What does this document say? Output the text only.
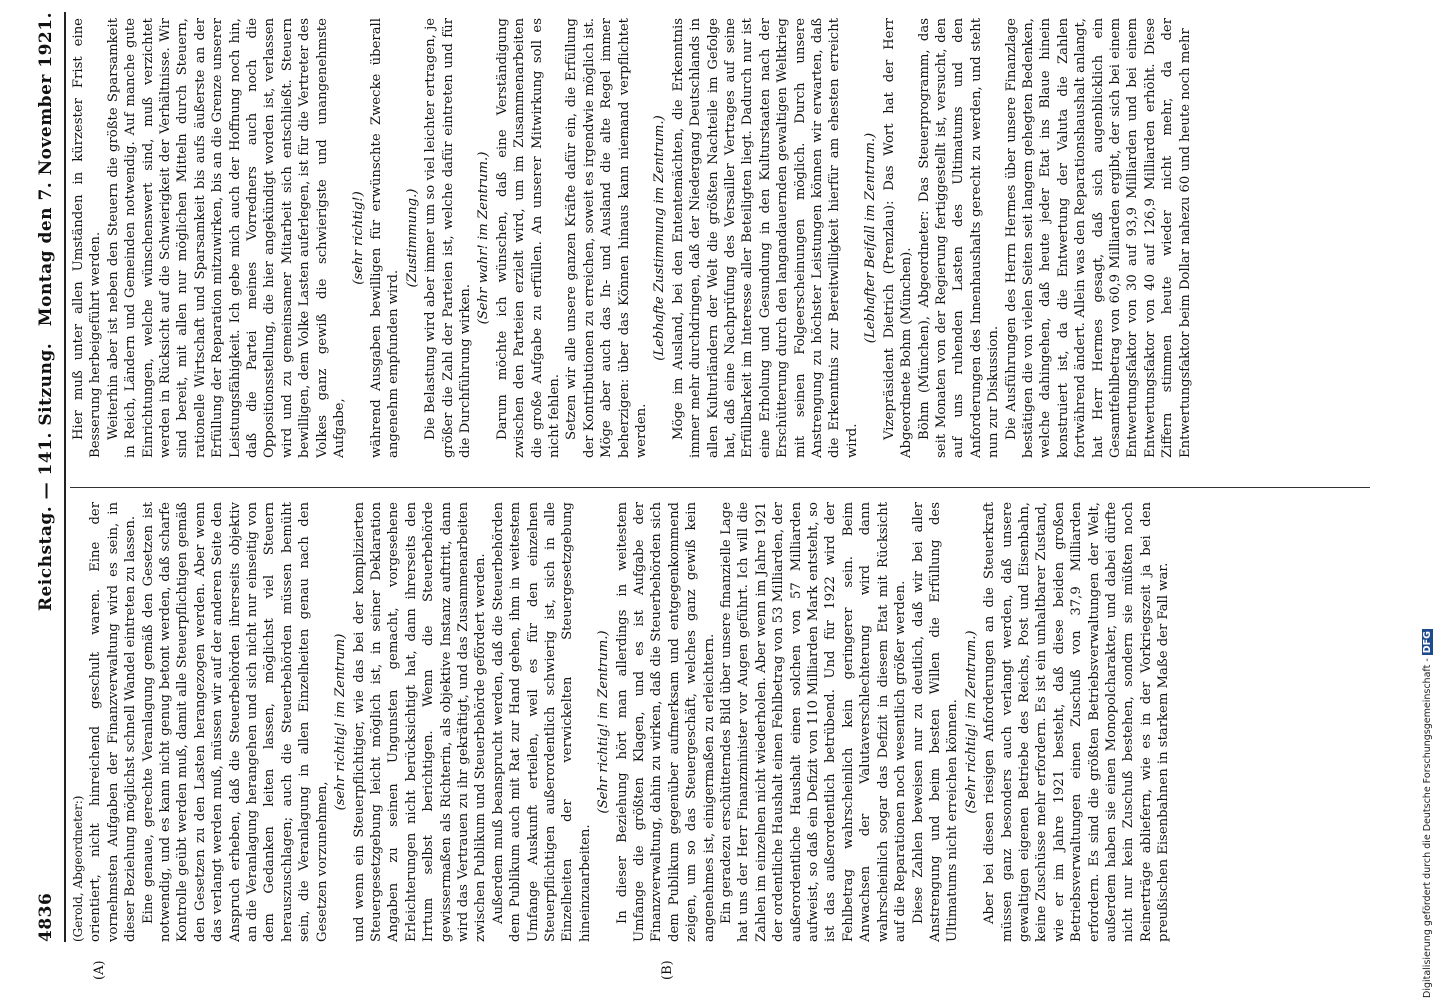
4836
Reichstag. — 141. Sitzung.
Montag den 7. November 1921.

(Gerold, Abgeordneter:) orientiert, nicht hinreichend geschult waren. Eine der vornehmsten Aufgaben der Finanzverwaltung wird es sein, in dieser Beziehung möglichst schnell Wandel eintreten zu lassen. Eine genaue, gerechte Veranlagung gemäß den Gesetzen ist notwendig, und es kann nicht genug betont werden, daß scharfe Kontrolle geübt werden muß, damit alle Steuerpflichtigen gemäß den Gesetzen zu den Lasten herangezogen werden. Aber wenn das verlangt werden muß, müssen wir auf der anderen Seite den Anspruch erheben, daß die Steuerbehörden ihrerseits objektiv an die Veranlagung herangehen und sich nicht nur einseitig von dem Gedanken leiten lassen, möglichst viel Steuern herauszuschlagen; auch die Steuerbehörden müssen bemüht sein, die Veranlagung in allen Einzelheiten genau nach den Gesetzen vorzunehmen,

(sehr richtig! im Zentrum) und wenn ein Steuerpflichtiger, wie das bei der komplizierten Steuergesetzgebung leicht möglich ist, in seiner Deklaration Angaben zu seinen Ungunsten gemacht, vorgesehene Erleichterungen nicht berücksichtigt hat, dann ihrerseits den Irrtum selbst berichtigen. Wenn die Steuerbehörde gewissermaßen als Richterin, als objektive Instanz auftritt, dann wird das Vertrauen zu ihr gekräftigt, und das Zusammenarbeiten zwischen Publikum und Steuerbehörde gefördert werden. Außerdem muß beansprucht werden, daß die Steuerbehörden dem Publikum auch mit Rat zur Hand gehen, ihm in weitestem Umfange Auskunft erteilen, weil es für den einzelnen Steuerpflichtigen außerordentlich schwierig ist, sich in alle Einzelheiten der verwickelten Steuergesetzgebung hineinzuarbeiten.

(Sehr richtig! im Zentrum.) In dieser Beziehung hört man allerdings in weitestem Umfange die größten Klagen, und es ist Aufgabe der Finanzverwaltung, dahin zu wirken, daß die Steuerbehörden sich dem Publikum gegenüber aufmerksam und entgegenkommend zeigen, um so das Steuergeschäft, welches ganz gewiß kein angenehmes ist, einigermaßen zu erleichtern. Ein geradezu erschütterndes Bild über unsere finanzielle Lage hat uns der Herr Finanzminister vor Augen geführt. Ich will die Zahlen im einzelnen nicht wiederholen. Aber wenn im Jahre 1921 der ordentliche Haushalt einen Fehlbetrag von 53 Milliarden, der außerordentliche Haushalt einen solchen von 57 Milliarden aufweist, so daß ein Defizit von 110 Milliarden Mark entsteht, so ist das außerordentlich betrübend. Und für 1922 wird der Fehlbetrag wahrscheinlich kein geringerer sein. Beim Anwachsen der Valutaverschlechterung wird dann wahrscheinlich sogar das Defizit in diesem Etat mit Rücksicht auf die Reparationen noch wesentlich größer werden. Diese Zahlen beweisen nur zu deutlich, daß wir bei aller Anstrengung und beim besten Willen die Erfüllung des Ultimatums nicht erreichen können. (Sehr richtig! im Zentrum.) Aber bei diesen riesigen Anforderungen an die Steuerkraft müssen ganz besonders auch verlangt werden, daß unsere gewaltigen eigenen Betriebe des Reichs, Post und Eisenbahn, keine Zuschüsse mehr erfordern. Es ist ein unhaltbarer Zustand, wie er im Jahre 1921 besteht, daß diese beiden großen Betriebsverwaltungen einen Zuschuß von 37,9 Milliarden erfordern. Es sind die größten Betriebsverwaltungen der Welt, außerdem haben sie einen Monopolcharakter, und dabei dürfte nicht nur kein Zuschuß bestehen, sondern sie müßten noch Reinerträge abliefern, wie es in der Vorkriegszeit ja bei den preußischen Eisenbahnen in starkem Maße der Fall war.

Hier muß unter allen Umständen in kürzester Frist eine Besserung herbeigeführt werden. Weiterhin aber ist neben den Steuern die größte Sparsamkeit in Reich, Ländern und Gemeinden notwendig. Auf manche gute Einrichtungen, welche wünschenswert sind, muß verzichtet werden in Rücksicht auf die Schwierigkeit der Verhältnisse. Wir sind bereit, mit allen nur möglichen Mitteln durch Steuern, rationelle Wirtschaft und Sparsamkeit bis aufs äußerste an der Erfüllung der Reparation mitzuwirken, bis an die Grenze unserer Leistungsfähigkeit. Ich gebe mich auch der Hoffnung noch hin, daß die Partei meines Vorredners auch noch die Oppositionsstellung, die hier angekündigt worden ist, verlassen wird und zu gemeinsamer Mitarbeit sich entschließt. Steuern bewilligen, dem Volke Lasten auferlegen, ist für die Vertreter des Volkes ganz gewiß die schwierigste und unangenehmste Aufgabe,

(sehr richtig!) während Ausgaben bewilligen für erwünschte Zwecke überall angenehm empfunden wird.

(Zustimmung.) Die Belastung wird aber immer um so viel leichter ertragen, je größer die Zahl der Parteien ist, welche dafür eintreten und für die Durchführung wirken.

(Sehr wahr! im Zentrum.) Darum möchte ich wünschen, daß eine Verständigung zwischen den Parteien erzielt wird, um im Zusammenarbeiten die große Aufgabe zu erfüllen. An unserer Mitwirkung soll es nicht fehlen. Setzen wir alle unsere ganzen Kräfte dafür ein, die Erfüllung der Kontributionen zu erreichen, soweit es irgendwie möglich ist. Möge aber auch das In- und Ausland die alte Regel immer beherzigen: über das Können hinaus kann niemand verpflichtet werden.

(Lebhafte Zustimmung im Zentrum.) Möge im Ausland, bei den Ententemächten, die Erkenntnis immer mehr durchdringen, daß der Niedergang Deutschlands in allen Kulturländern der Welt die größten Nachteile im Gefolge hat, daß eine Nachprüfung des Versailler Vertrages auf seine Erfüllbarkeit im Interesse aller Beteiligten liegt. Dadurch nur ist eine Erholung und Gesundung in den Kulturstaaten nach der Erschütterung durch den langandauernden gewaltigen Weltkrieg mit seinen Folgeerscheinungen möglich. Durch unsere Anstrengung zu höchster Leistungen können wir erwarten, daß die Erkenntnis zur Bereitwilligkeit hierfür am ehesten erreicht wird.

(Lebhafter Beifall im Zentrum.) Vizepräsident Dietrich (Prenzlau): Das Wort hat der Herr Abgeordnete Bohm (München). Böhm (München), Abgeordneter: Das Steuerprogramm, das seit Monaten von der Regierung fertiggestellt ist, versucht, den auf uns ruhenden Lasten des Ultimatums und den Anforderungen des Innenhaushalts gerecht zu werden, und steht nun zur Diskussion. Die Ausführungen des Herrn Hermes über unsere Finanzlage bestätigen die von vielen Seiten seit langem gehegten Bedenken, welche dahingehen, daß heute jeder Etat ins Blaue hinein konstruiert ist, da die Entwertung der Valuta die Zahlen fortwährend ändert. Allein was den Reparationshaushalt anlangt, hat Herr Hermes gesagt, daß sich augenblicklich ein Gesamtfehlbetrag von 60,9 Milliarden ergibt, der sich bei einem Entwertungsfaktor von 30 auf 93,9 Milliarden und bei einem Entwertungsfaktor von 40 auf 126,9 Milliarden erhöht. Diese Ziffern stimmen heute wieder nicht mehr, da der Entwertungsfaktor beim Dollar nahezu 60 und heute noch mehr

(A)	(B)	Digitalisierung gefördert durch die Deutsche Forschungsgemeinschaft - DFG
